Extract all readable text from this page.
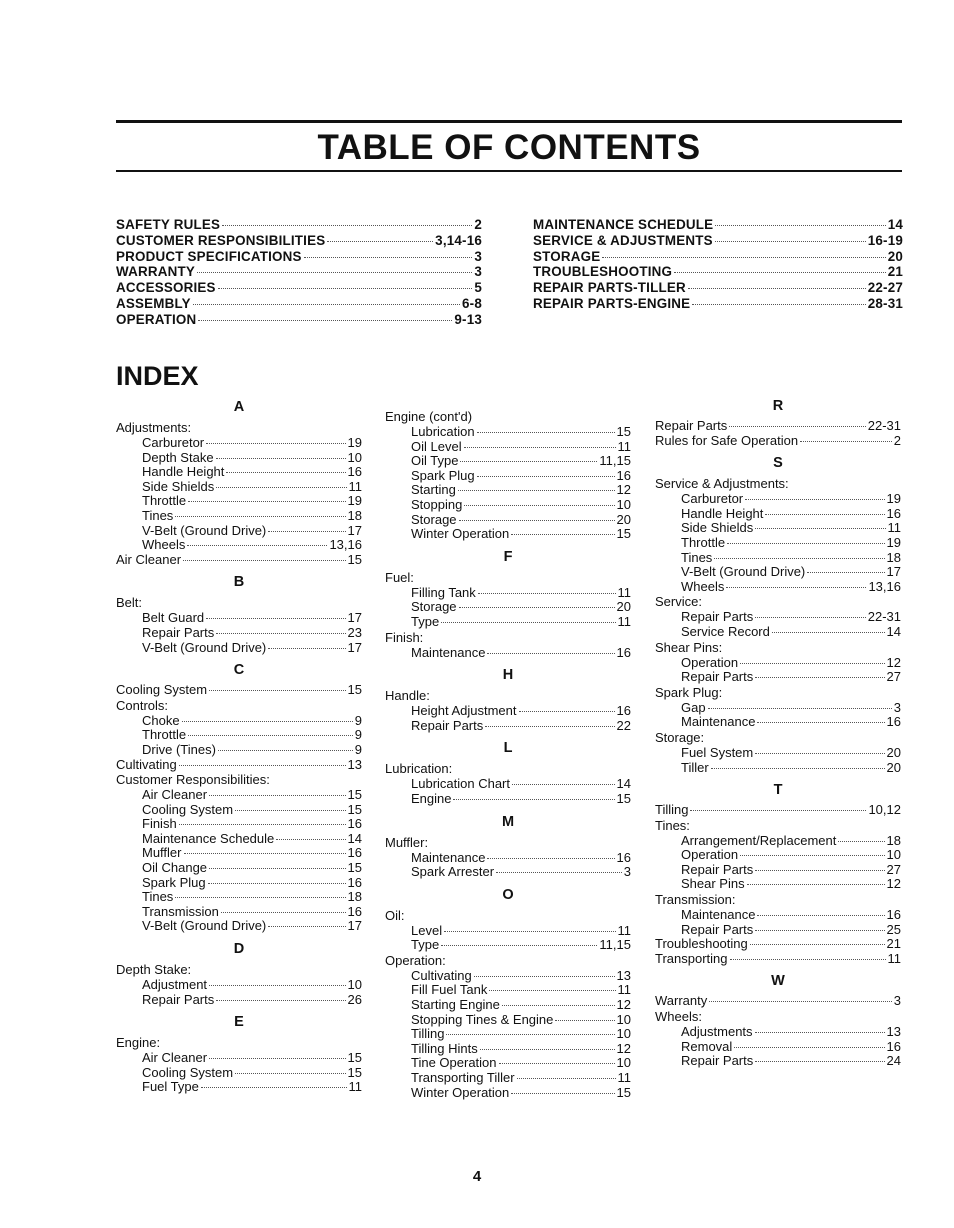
TABLE OF CONTENTS
SAFETY RULES	2
CUSTOMER RESPONSIBILITIES	3,14-16
PRODUCT SPECIFICATIONS	3
WARRANTY	3
ACCESSORIES	5
ASSEMBLY	6-8
OPERATION	9-13
MAINTENANCE SCHEDULE	14
SERVICE & ADJUSTMENTS	16-19
STORAGE	20
TROUBLESHOOTING	21
REPAIR PARTS-TILLER	22-27
REPAIR PARTS-ENGINE	28-31
INDEX
A
Adjustments:
Carburetor	19
Depth Stake	10
Handle Height	16
Side Shields	11
Throttle	19
Tines	18
V-Belt (Ground Drive)	17
Wheels	13,16
Air Cleaner	15
B
Belt:
Belt Guard	17
Repair Parts	23
V-Belt (Ground Drive)	17
C
Cooling System	15
Controls:
Choke	9
Throttle	9
Drive (Tines)	9
Cultivating	13
Customer Responsibilities:
Air Cleaner	15
Cooling System	15
Finish	16
Maintenance Schedule	14
Muffler	16
Oil Change	15
Spark Plug	16
Tines	18
Transmission	16
V-Belt (Ground Drive)	17
D
Depth Stake:
Adjustment	10
Repair Parts	26
E
Engine:
Air Cleaner	15
Cooling System	15
Fuel Type	11
Engine (cont'd)
Lubrication	15
Oil Level	11
Oil Type	11,15
Spark Plug	16
Starting	12
Stopping	10
Storage	20
Winter Operation	15
F
Fuel:
Filling Tank	11
Storage	20
Type	11
Finish:
Maintenance	16
H
Handle:
Height Adjustment	16
Repair Parts	22
L
Lubrication:
Lubrication Chart	14
Engine	15
M
Muffler:
Maintenance	16
Spark Arrester	3
O
Oil:
Level	11
Type	11,15
Operation:
Cultivating	13
Fill Fuel Tank	11
Starting Engine	12
Stopping Tines & Engine	10
Tilling	10
Tilling Hints	12
Tine Operation	10
Transporting Tiller	11
Winter Operation	15
R
Repair Parts	22-31
Rules for Safe Operation	2
S
Service & Adjustments:
Carburetor	19
Handle Height	16
Side Shields	11
Throttle	19
Tines	18
V-Belt (Ground Drive)	17
Wheels	13,16
Service:
Repair Parts	22-31
Service Record	14
Shear Pins:
Operation	12
Repair Parts	27
Spark Plug:
Gap	3
Maintenance	16
Storage:
Fuel System	20
Tiller	20
T
Tilling	10,12
Tines:
Arrangement/Replacement	18
Operation	10
Repair Parts	27
Shear Pins	12
Transmission:
Maintenance	16
Repair Parts	25
Troubleshooting	21
Transporting	11
W
Warranty	3
Wheels:
Adjustments	13
Removal	16
Repair Parts	24
4
